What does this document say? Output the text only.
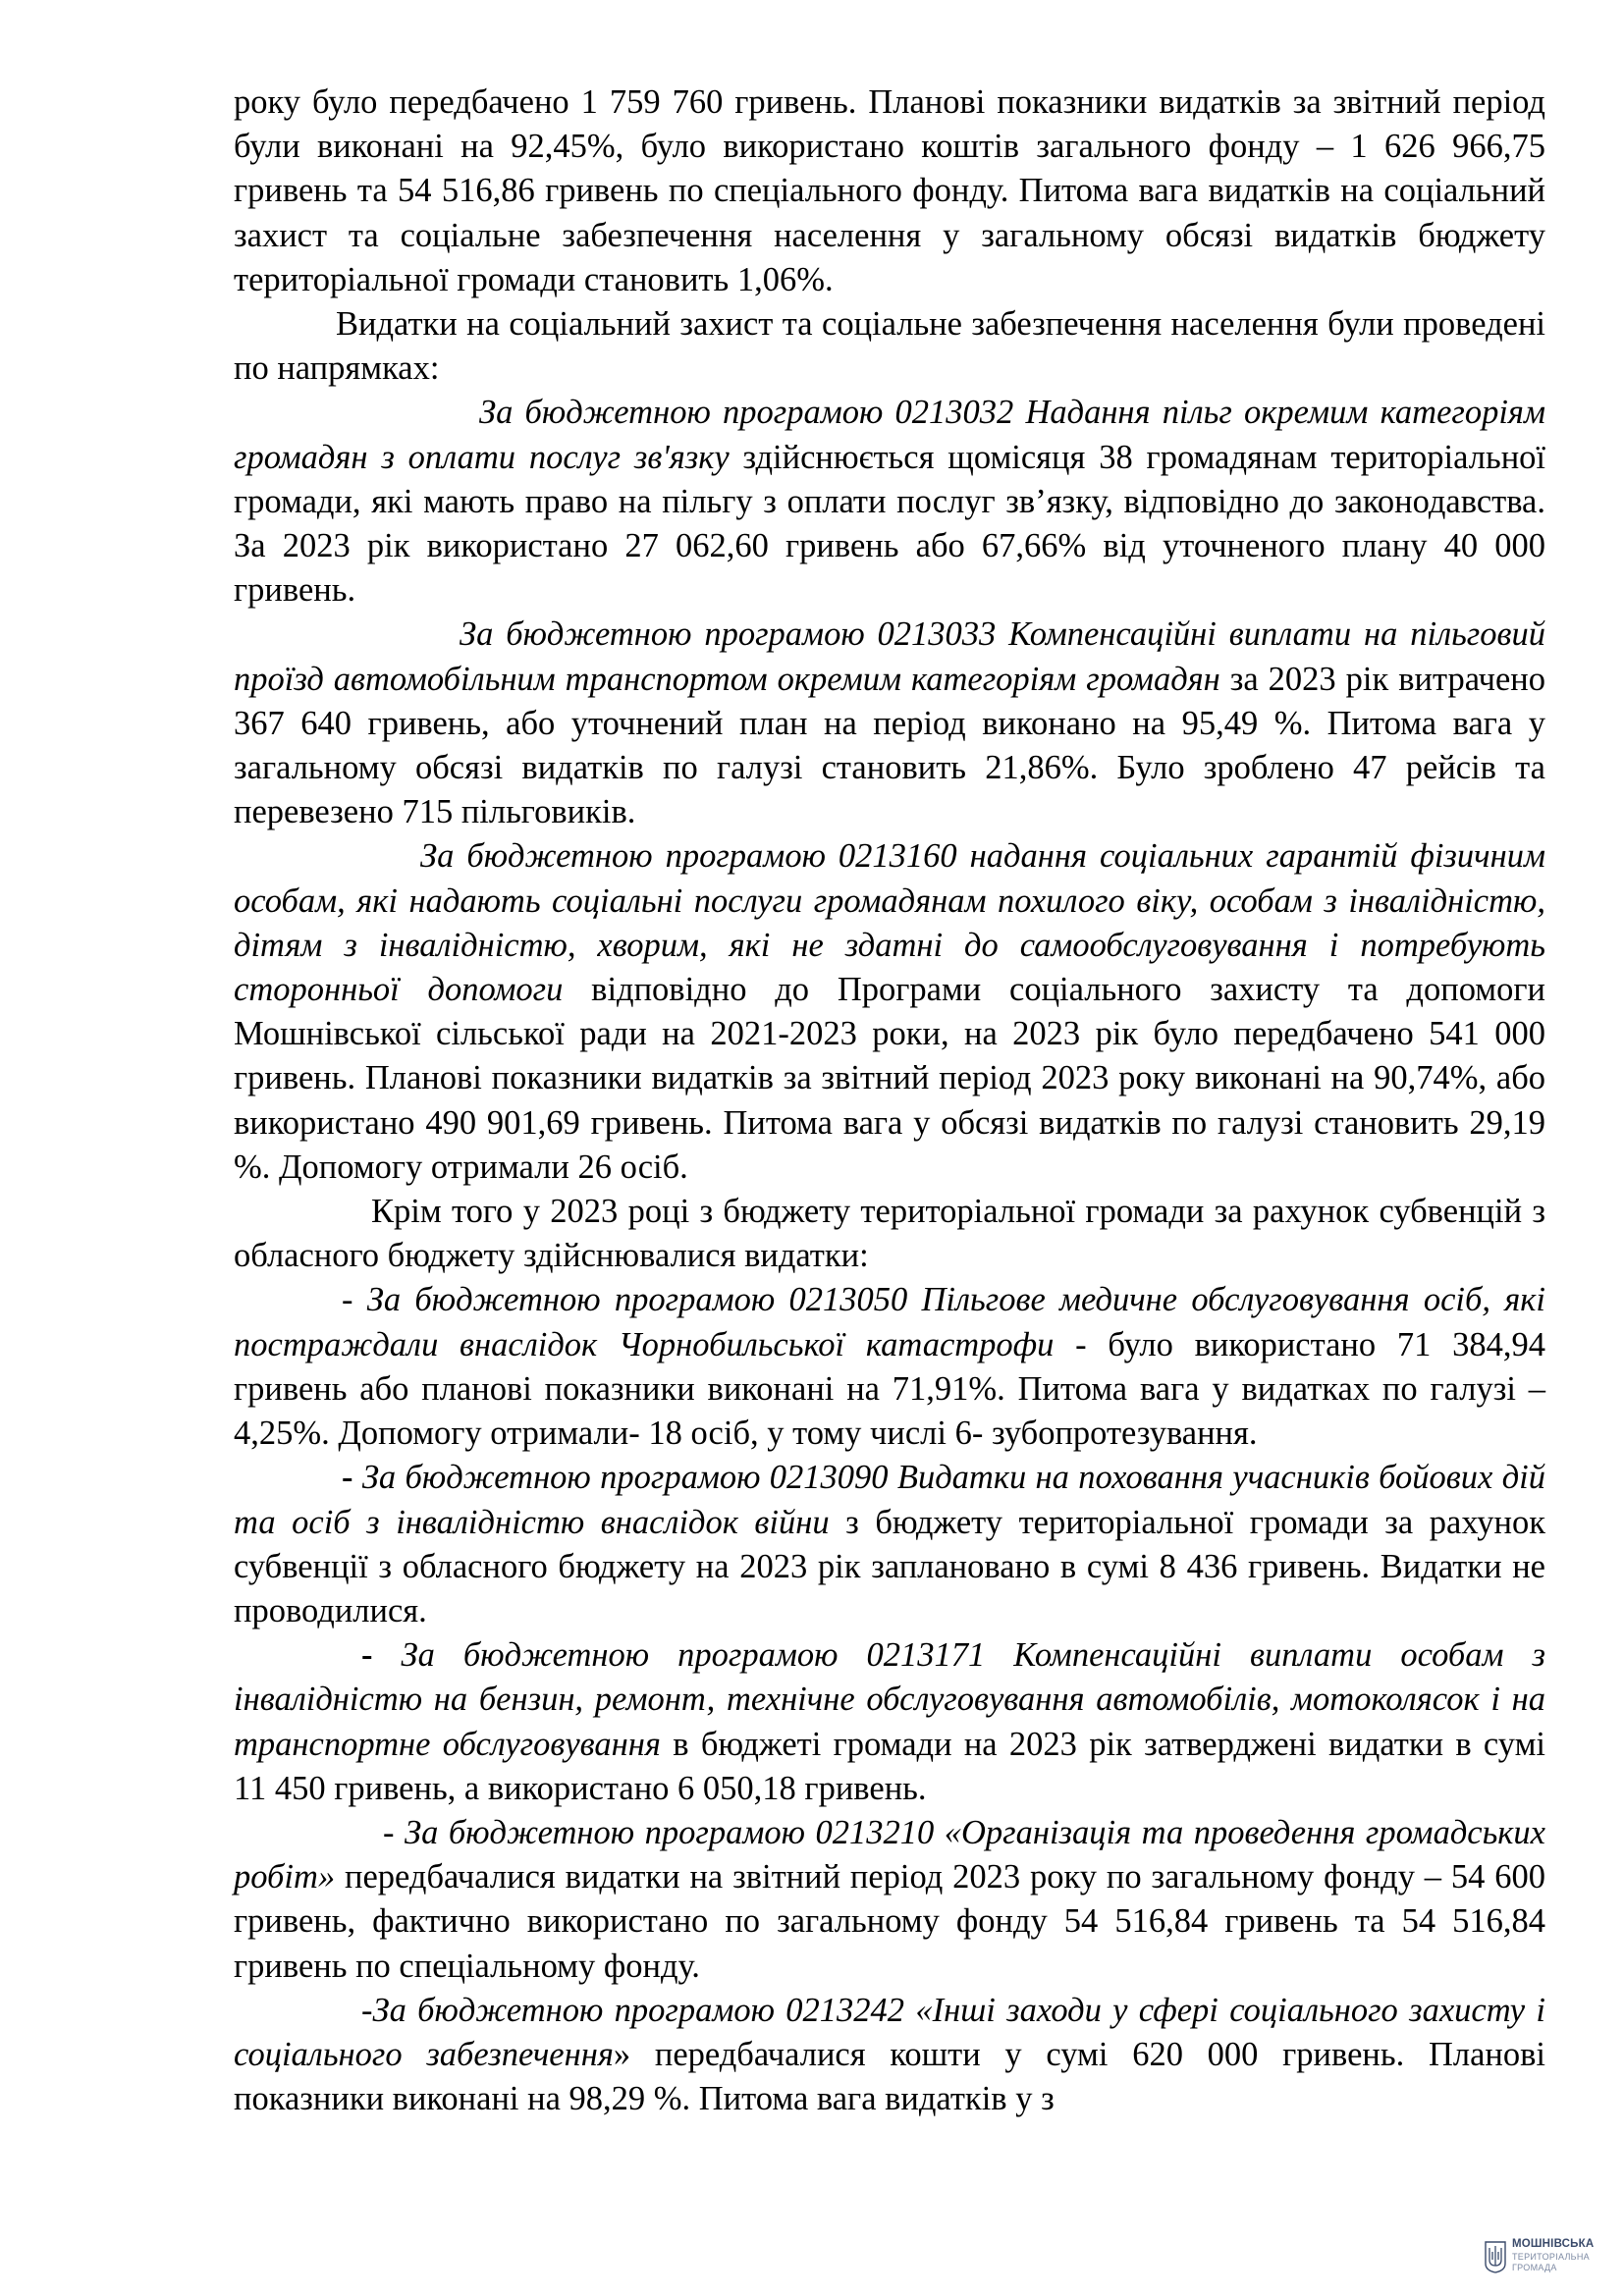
року було передбачено 1 759 760 гривень. Планові показники видатків за звітний період були виконані на 92,45%, було використано коштів загального фонду – 1 626 966,75 гривень та 54 516,86 гривень по спеціального фонду. Питома вага видатків на соціальний захист та соціальне забезпечення населення у загальному обсязі видатків бюджету територіальної громади становить 1,06%.

Видатки на соціальний захист та соціальне забезпечення населення були проведені по напрямках:

За бюджетною програмою 0213032 Надання пільг окремим категоріям громадян з оплати послуг зв'язку здійснюється щомісяця 38 громадянам територіальної громади, які мають право на пільгу з оплати послуг зв’язку, відповідно до законодавства. За 2023 рік використано 27 062,60 гривень або 67,66% від уточненого плану 40 000 гривень.

За бюджетною програмою 0213033 Компенсаційні виплати на пільговий проїзд автомобільним транспортом окремим категоріям громадян за 2023 рік витрачено 367 640 гривень, або уточнений план на період виконано на 95,49 %. Питома вага у загальному обсязі видатків по галузі становить 21,86%. Було зроблено 47 рейсів та перевезено 715 пільговиків.

За бюджетною програмою 0213160 надання соціальних гарантій фізичним особам, які надають соціальні послуги громадянам похилого віку, особам з інвалідністю, дітям з інвалідністю, хворим, які не здатні до самообслуговування і потребують сторонньої допомоги відповідно до Програми соціального захисту та допомоги Мошнівської сільської ради на 2021-2023 роки, на 2023 рік було передбачено 541 000 гривень. Планові показники видатків за звітний період 2023 року виконані на 90,74%, або використано 490 901,69 гривень. Питома вага у обсязі видатків по галузі становить 29,19 %. Допомогу отримали 26 осіб.

Крім того у 2023 році з бюджету територіальної громади за рахунок субвенцій з обласного бюджету здійснювалися видатки:

- За бюджетною програмою 0213050 Пільгове медичне обслуговування осіб, які постраждали внаслідок Чорнобильської катастрофи - було використано 71 384,94 гривень або планові показники виконані на 71,91%. Питома вага у видатках по галузі – 4,25%. Допомогу отримали- 18 осіб, у тому числі 6- зубопротезування.

- За бюджетною програмою 0213090 Видатки на поховання учасників бойових дій та осіб з інвалідністю внаслідок війни з бюджету територіальної громади за рахунок субвенції з обласного бюджету на 2023 рік заплановано в сумі 8 436 гривень. Видатки не проводилися.

- За бюджетною програмою 0213171 Компенсаційні виплати особам з інвалідністю на бензин, ремонт, технічне обслуговування автомобілів, мотоколясок і на транспортне обслуговування в бюджеті громади на 2023 рік затверджені видатки в сумі 11 450 гривень, а використано 6 050,18 гривень.

- За бюджетною програмою 0213210 «Організація та проведення громадських робіт» передбачалися видатки на звітний період 2023 року по загальному фонду – 54 600 гривень, фактично використано по загальному фонду 54 516,84 гривень та 54 516,84 гривень по спеціальному фонду.

-За бюджетною програмою 0213242 «Інші заходи у сфері соціального захисту і соціального забезпечення» передбачалися кошти у сумі 620 000 гривень. Планові показники виконані на 98,29 %. Питома вага видатків у з

МОШНІВСЬКА
ТЕРИТОРІАЛЬНА
ГРОМАДА
